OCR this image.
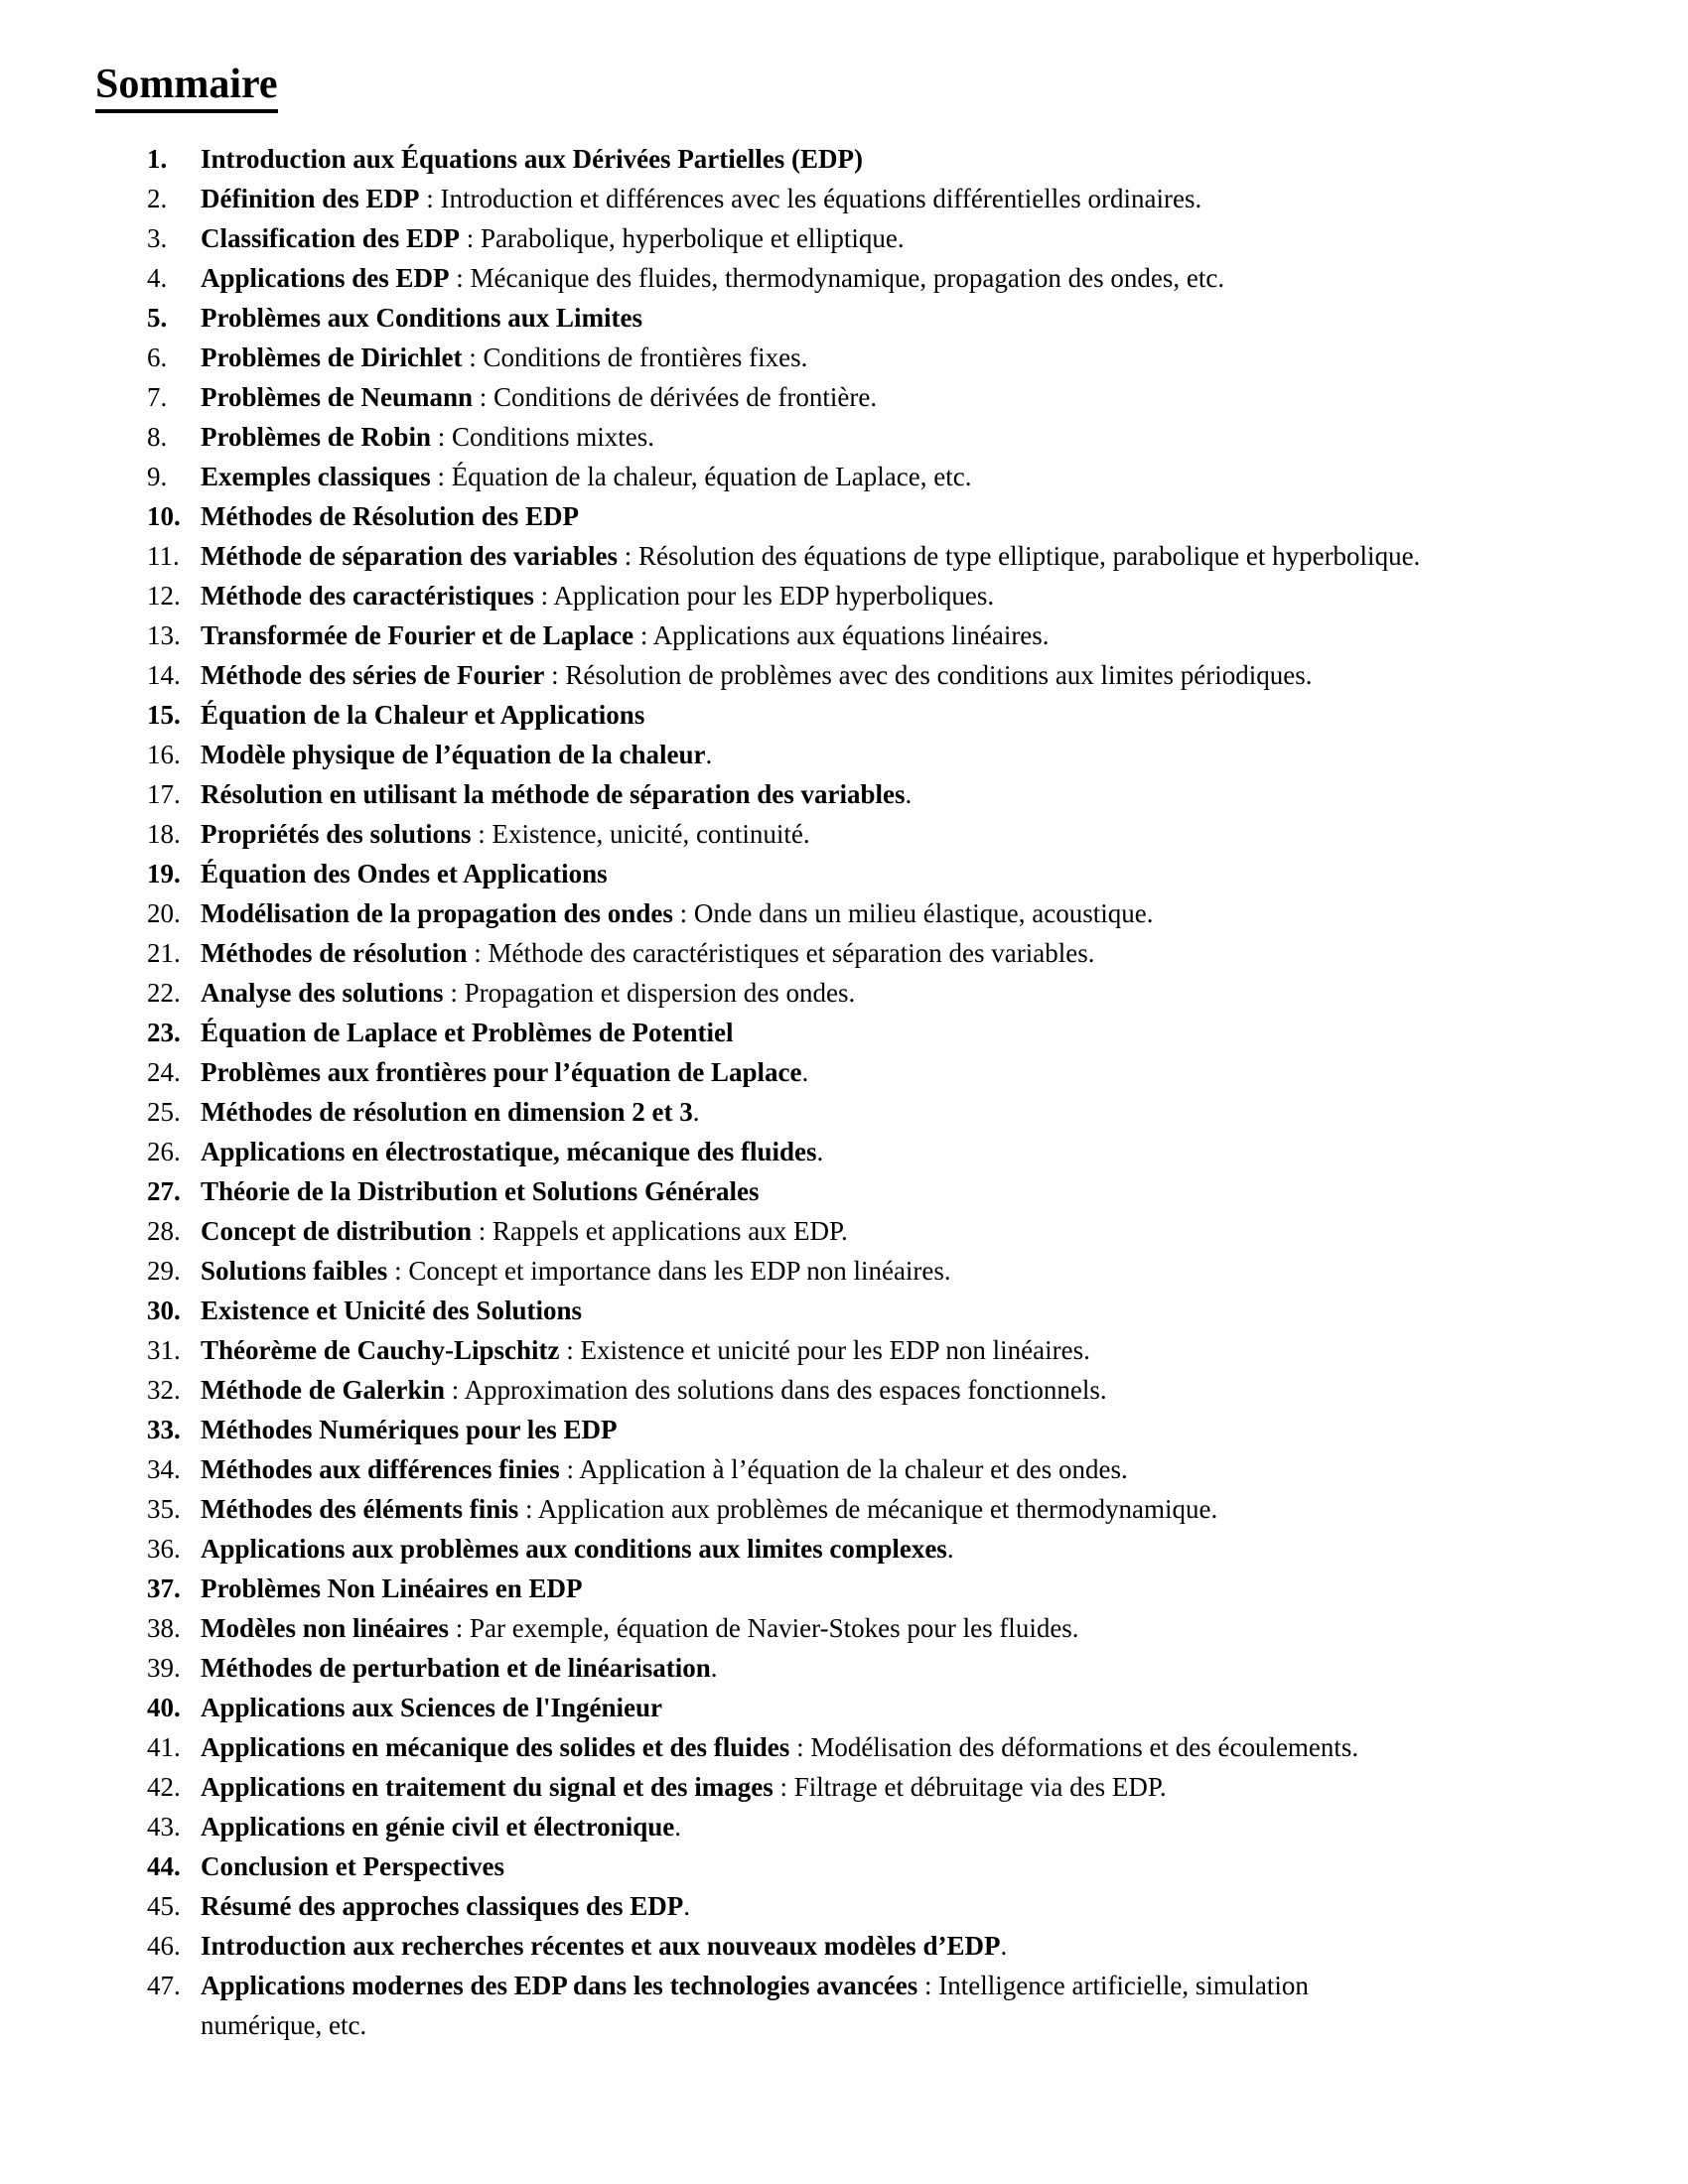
Sommaire
1. Introduction aux Équations aux Dérivées Partielles (EDP)
2. Définition des EDP : Introduction et différences avec les équations différentielles ordinaires.
3. Classification des EDP : Parabolique, hyperbolique et elliptique.
4. Applications des EDP : Mécanique des fluides, thermodynamique, propagation des ondes, etc.
5. Problèmes aux Conditions aux Limites
6. Problèmes de Dirichlet : Conditions de frontières fixes.
7. Problèmes de Neumann : Conditions de dérivées de frontière.
8. Problèmes de Robin : Conditions mixtes.
9. Exemples classiques : Équation de la chaleur, équation de Laplace, etc.
10. Méthodes de Résolution des EDP
11. Méthode de séparation des variables : Résolution des équations de type elliptique, parabolique et hyperbolique.
12. Méthode des caractéristiques : Application pour les EDP hyperboliques.
13. Transformée de Fourier et de Laplace : Applications aux équations linéaires.
14. Méthode des séries de Fourier : Résolution de problèmes avec des conditions aux limites périodiques.
15. Équation de la Chaleur et Applications
16. Modèle physique de l’équation de la chaleur.
17. Résolution en utilisant la méthode de séparation des variables.
18. Propriétés des solutions : Existence, unicité, continuité.
19. Équation des Ondes et Applications
20. Modélisation de la propagation des ondes : Onde dans un milieu élastique, acoustique.
21. Méthodes de résolution : Méthode des caractéristiques et séparation des variables.
22. Analyse des solutions : Propagation et dispersion des ondes.
23. Équation de Laplace et Problèmes de Potentiel
24. Problèmes aux frontières pour l’équation de Laplace.
25. Méthodes de résolution en dimension 2 et 3.
26. Applications en électrostatique, mécanique des fluides.
27. Théorie de la Distribution et Solutions Générales
28. Concept de distribution : Rappels et applications aux EDP.
29. Solutions faibles : Concept et importance dans les EDP non linéaires.
30. Existence et Unicité des Solutions
31. Théorème de Cauchy-Lipschitz : Existence et unicité pour les EDP non linéaires.
32. Méthode de Galerkin : Approximation des solutions dans des espaces fonctionnels.
33. Méthodes Numériques pour les EDP
34. Méthodes aux différences finies : Application à l’équation de la chaleur et des ondes.
35. Méthodes des éléments finis : Application aux problèmes de mécanique et thermodynamique.
36. Applications aux problèmes aux conditions aux limites complexes.
37. Problèmes Non Linéaires en EDP
38. Modèles non linéaires : Par exemple, équation de Navier-Stokes pour les fluides.
39. Méthodes de perturbation et de linéarisation.
40. Applications aux Sciences de l'Ingénieur
41. Applications en mécanique des solides et des fluides : Modélisation des déformations et des écoulements.
42. Applications en traitement du signal et des images : Filtrage et débruitage via des EDP.
43. Applications en génie civil et électronique.
44. Conclusion et Perspectives
45. Résumé des approches classiques des EDP.
46. Introduction aux recherches récentes et aux nouveaux modèles d’EDP.
47. Applications modernes des EDP dans les technologies avancées : Intelligence artificielle, simulation
numérique, etc.
